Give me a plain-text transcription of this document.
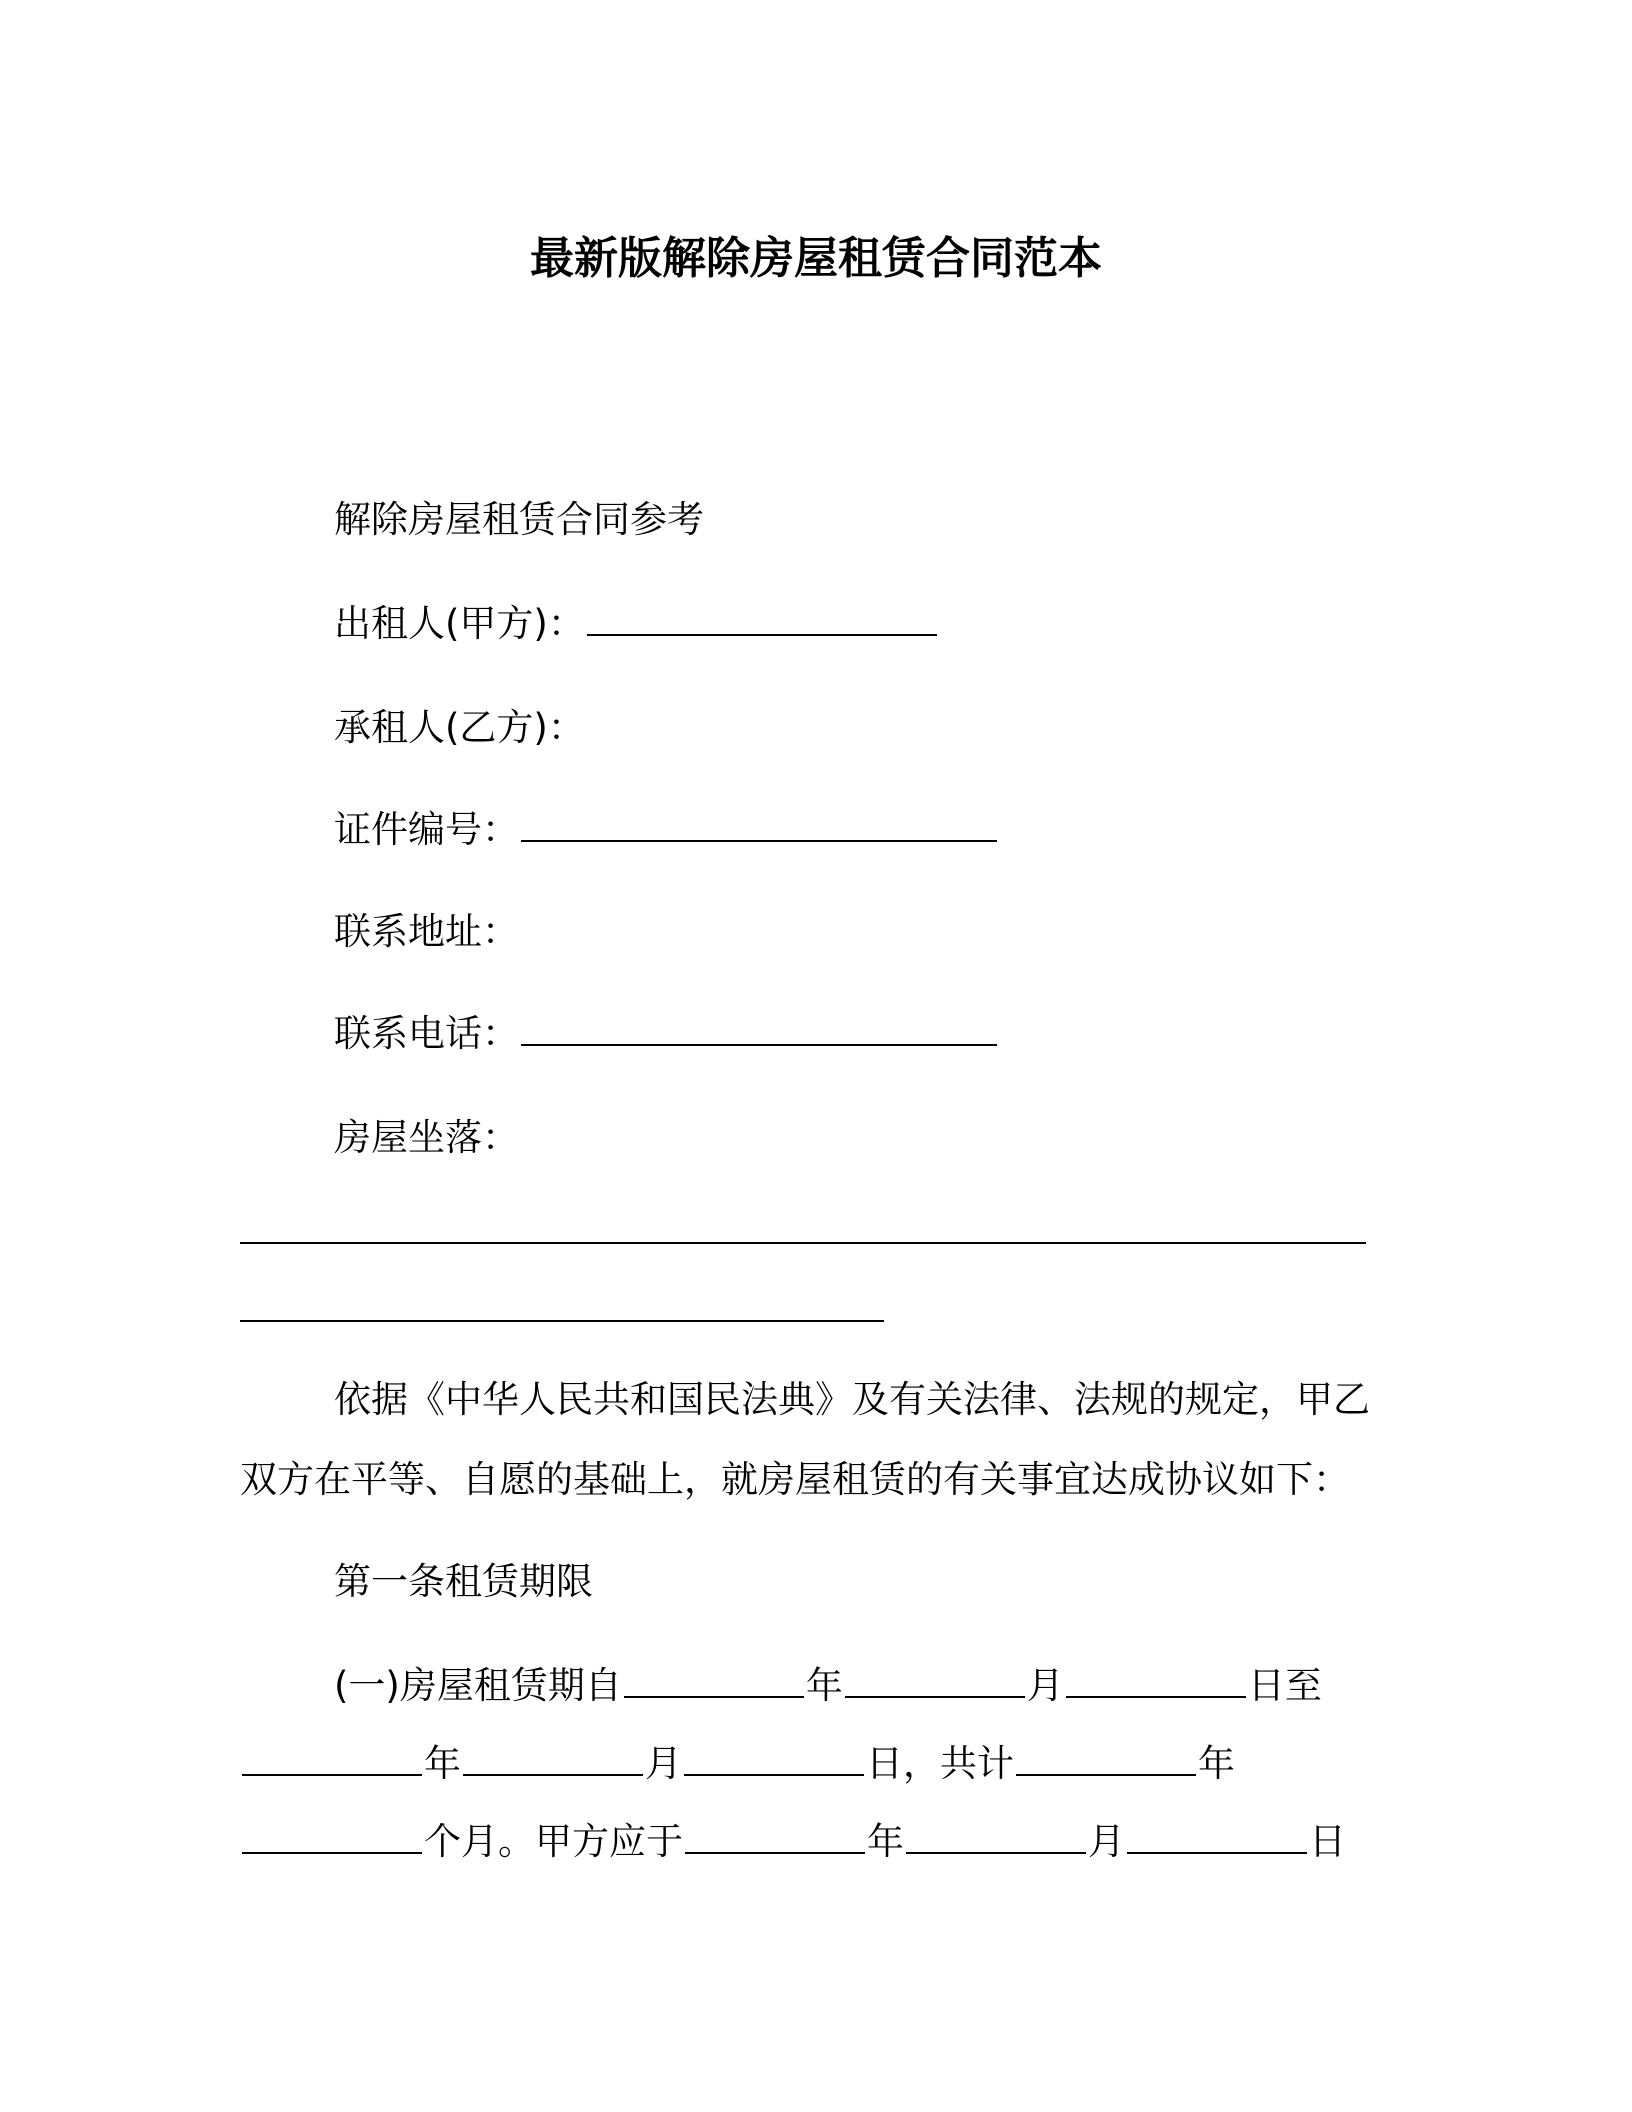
最新版解除房屋租赁合同范本
解除房屋租赁合同参考
出租人(甲方)：
承租人(乙方)：
证件编号：
联系地址：
联系电话：
房屋坐落：
依据《中华人民共和国民法典》及有关法律、法规的规定，甲乙
双方在平等、自愿的基础上，就房屋租赁的有关事宜达成协议如下：
第一条租赁期限
(一)房屋租赁期自	年	月	日至
年	月	日，共计	年
个月。甲方应于	年	月	日
